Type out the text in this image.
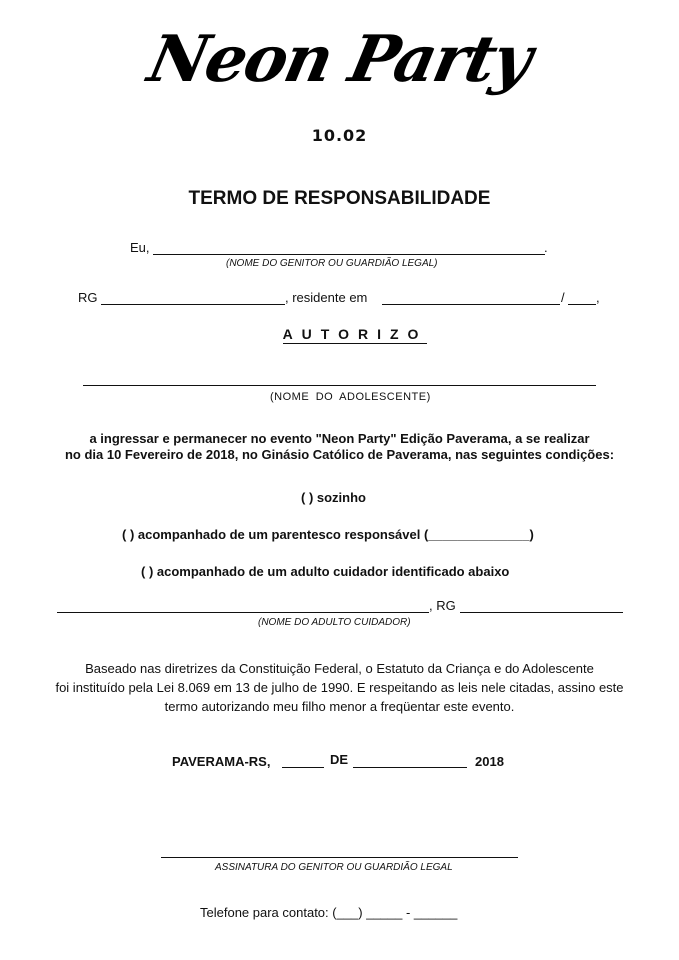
Neon Party
10.02
TERMO DE RESPONSABILIDADE
Eu,	.
(NOME DO GENITOR OU GUARDIÃO LEGAL)
RG	, residente em	/ ,
AUTORIZO
(NOME DO ADOLESCENTE)
a ingressar e permanecer no evento "Neon Party" Edição Paverama, a se realizar
no dia 10 Fevereiro de 2018, no Ginásio Católico de Paverama, nas seguintes condições:
( ) sozinho
( ) acompanhado de um parentesco responsável (______________)
( ) acompanhado de um adulto cuidador identificado abaixo
, RG
(NOME DO ADULTO CUIDADOR)
Baseado nas diretrizes da Constituição Federal, o Estatuto da Criança e do Adolescente
foi instituído pela Lei 8.069 em 13 de julho de 1990. E respeitando as leis nele citadas, assino este
termo autorizando meu filho menor a freqüentar este evento.
PAVERAMA-RS,	DE	2018
ASSINATURA DO GENITOR OU GUARDIÃO LEGAL
Telefone para contato: (___) _____ - ______
